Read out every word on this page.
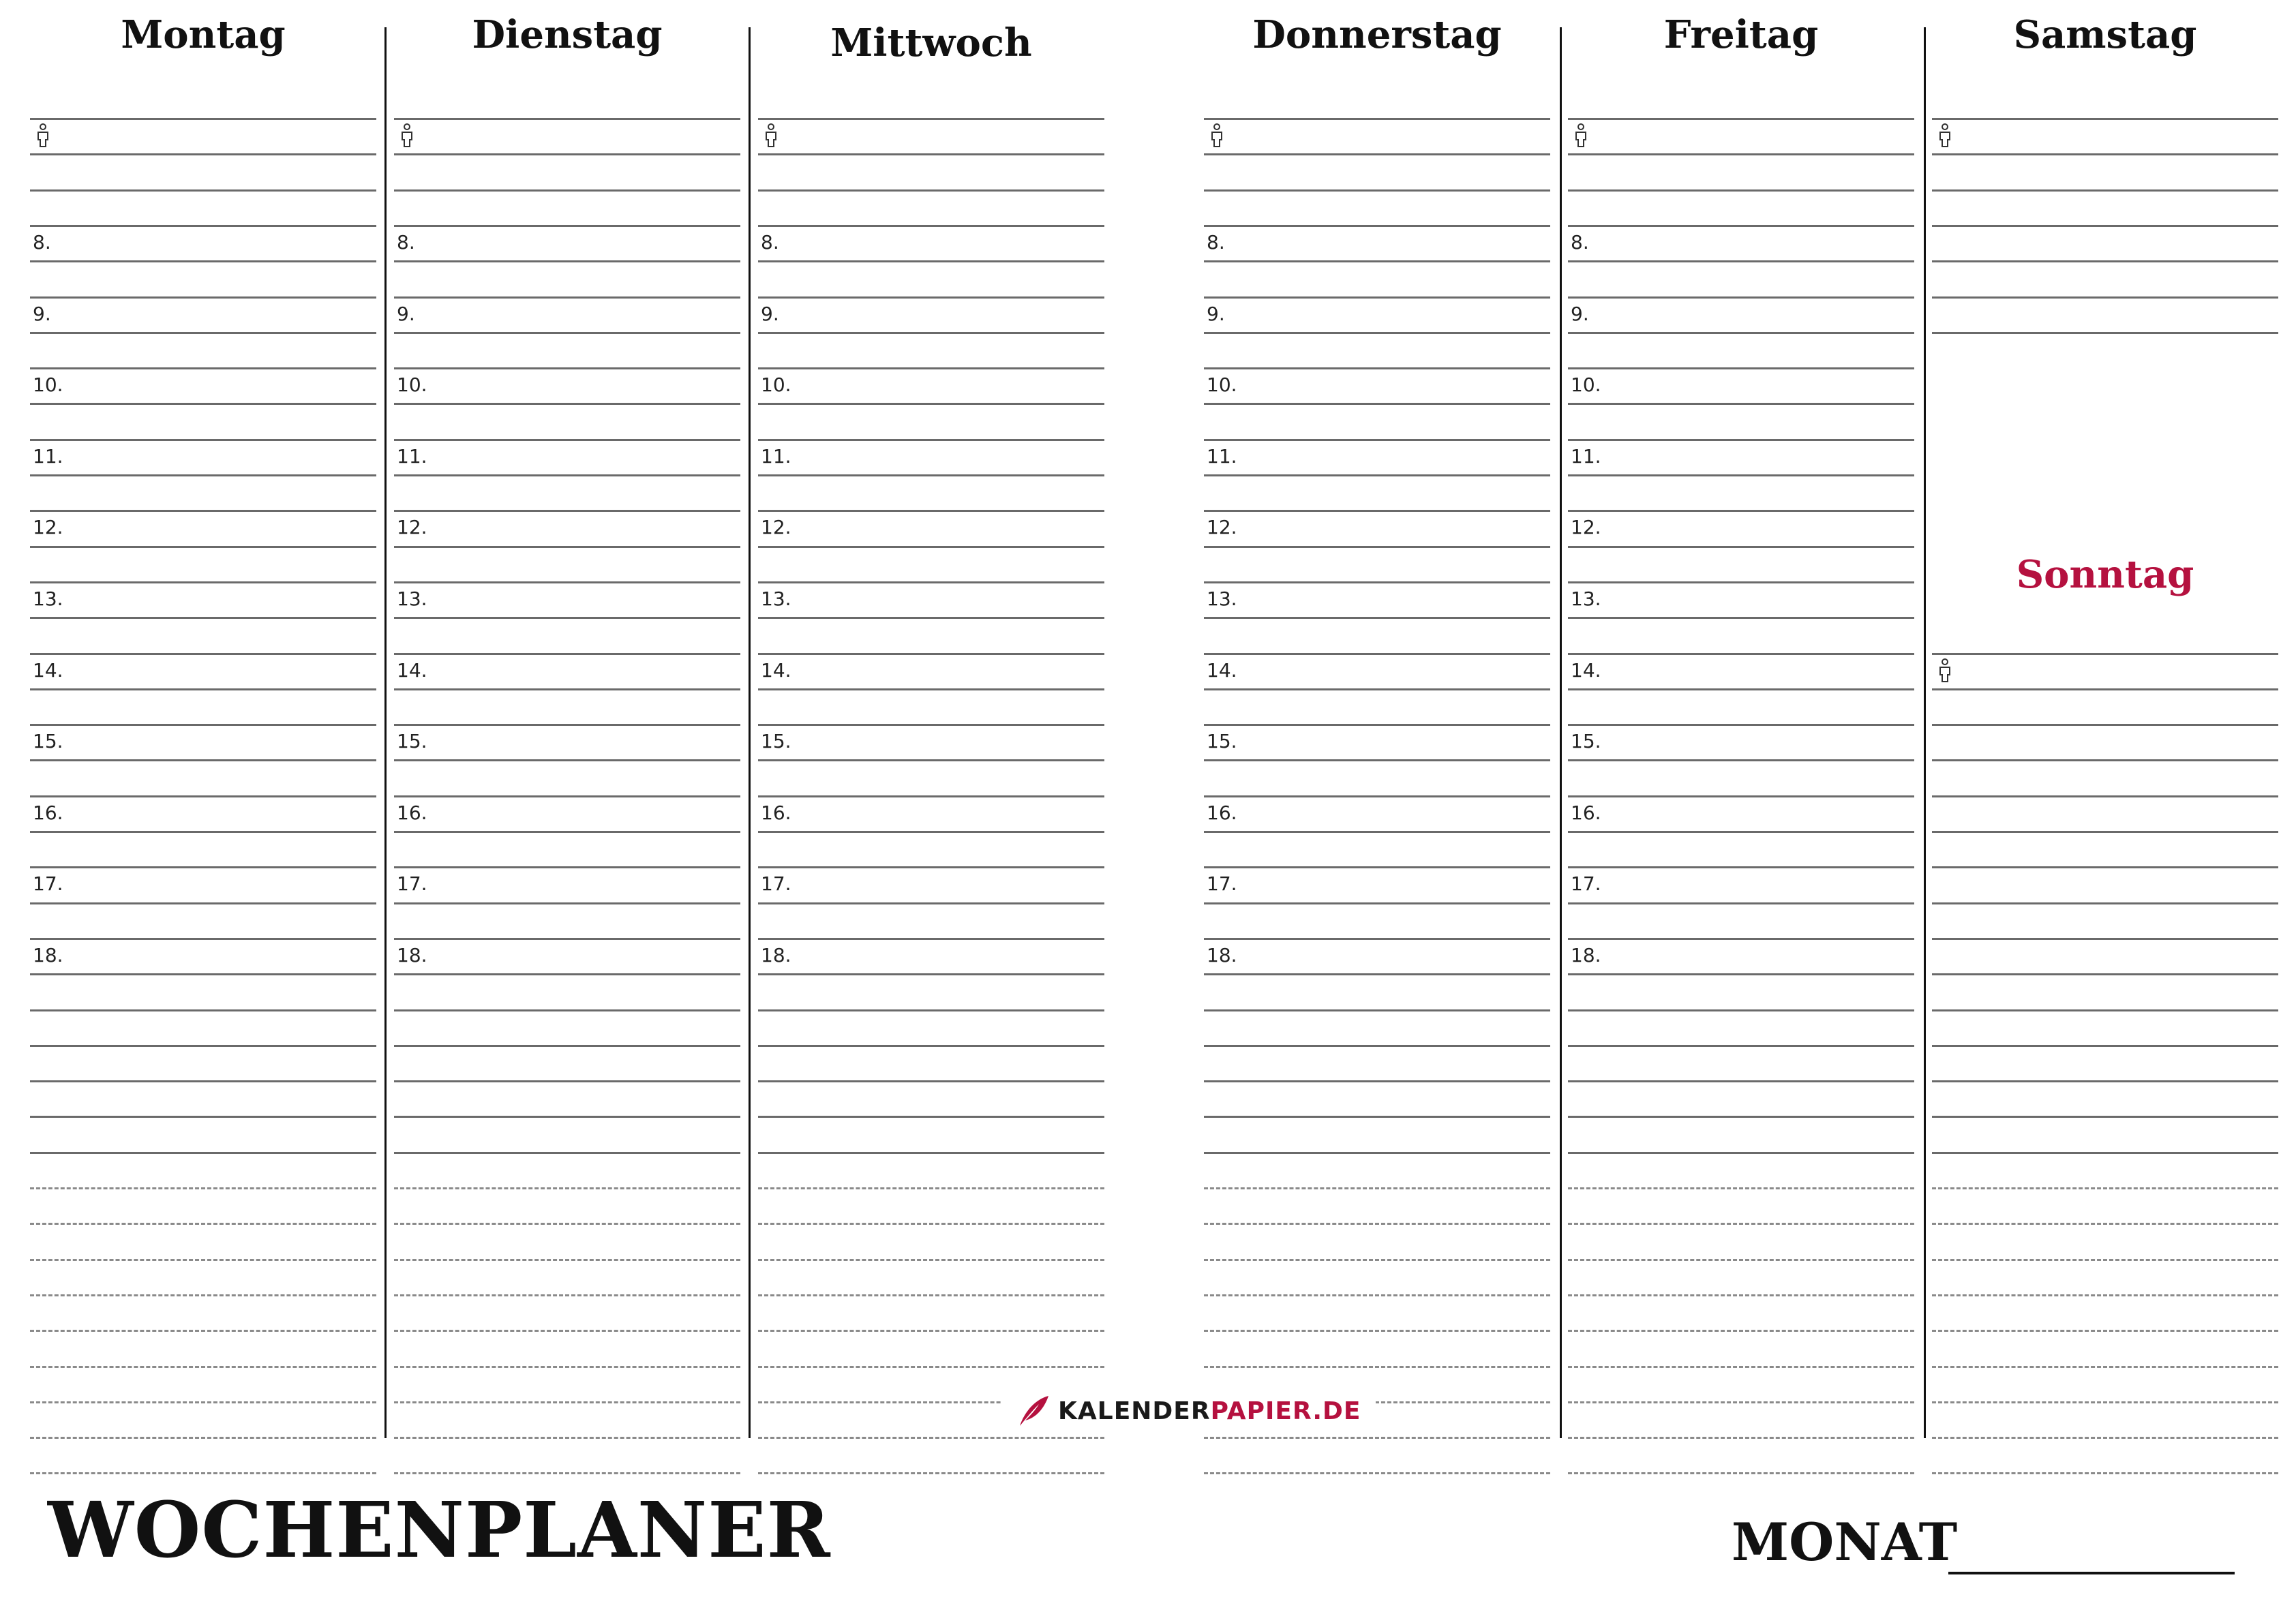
Montag
8.
9.
10.
11.
12.
13.
14.
15.
16.
17.
18.
Dienstag
8.
9.
10.
11.
12.
13.
14.
15.
16.
17.
18.
Mittwoch
8.
9.
10.
11.
12.
13.
14.
15.
16.
17.
18.
Donnerstag
8.
9.
10.
11.
12.
13.
14.
15.
16.
17.
18.
Freitag
8.
9.
10.
11.
12.
13.
14.
15.
16.
17.
18.
Samstag
Sonntag
KALENDERPAPIER.DE
WOCHENPLANER	MONAT
